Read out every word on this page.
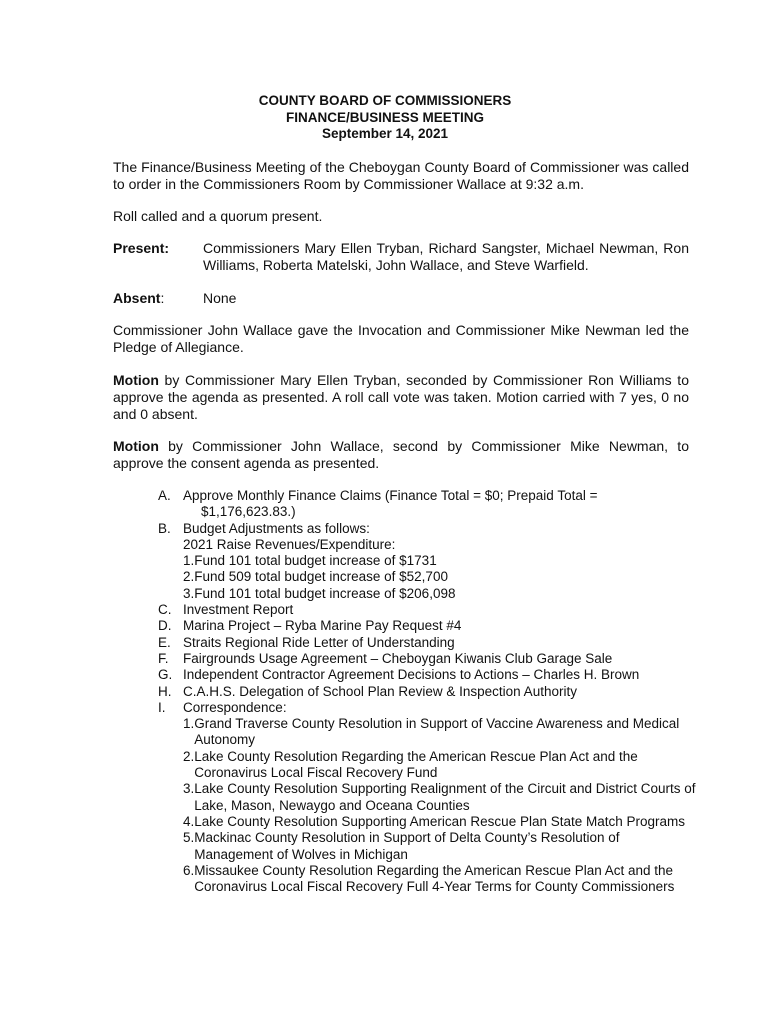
COUNTY BOARD OF COMMISSIONERS
FINANCE/BUSINESS MEETING
September 14, 2021
The Finance/Business Meeting of the Cheboygan County Board of Commissioner was called to order in the Commissioners Room by Commissioner Wallace at 9:32 a.m.
Roll called and a quorum present.
Present: Commissioners Mary Ellen Tryban, Richard Sangster, Michael Newman, Ron Williams, Roberta Matelski, John Wallace, and Steve Warfield.
Absent:	None
Commissioner John Wallace gave the Invocation and Commissioner Mike Newman led the Pledge of Allegiance.
Motion by Commissioner Mary Ellen Tryban, seconded by Commissioner Ron Williams to approve the agenda as presented. A roll call vote was taken. Motion carried with 7 yes, 0 no and 0 absent.
Motion by Commissioner John Wallace, second by Commissioner Mike Newman, to approve the consent agenda as presented.
A. Approve Monthly Finance Claims (Finance Total = $0; Prepaid Total =
$1,176,623.83.)
B. Budget Adjustments as follows:
2021 Raise Revenues/Expenditure:
1. Fund 101 total budget increase of $1731
2. Fund 509 total budget increase of $52,700
3. Fund 101 total budget increase of $206,098
C. Investment Report
D. Marina Project – Ryba Marine Pay Request #4
E. Straits Regional Ride Letter of Understanding
F.	Fairgrounds Usage Agreement – Cheboygan Kiwanis Club Garage Sale
G. Independent Contractor Agreement Decisions to Actions – Charles H. Brown
H. C.A.H.S. Delegation of School Plan Review & Inspection Authority
I.	Correspondence:
1. Grand Traverse County Resolution in Support of Vaccine Awareness and Medical Autonomy
2. Lake County Resolution Regarding the American Rescue Plan Act and the Coronavirus Local Fiscal Recovery Fund
3. Lake County Resolution Supporting Realignment of the Circuit and District Courts of Lake, Mason, Newaygo and Oceana Counties
4. Lake County Resolution Supporting American Rescue Plan State Match Programs
5. Mackinac County Resolution in Support of Delta County’s Resolution of Management of Wolves in Michigan
6. Missaukee County Resolution Regarding the American Rescue Plan Act and the Coronavirus Local Fiscal Recovery Full 4-Year Terms for County Commissioners
